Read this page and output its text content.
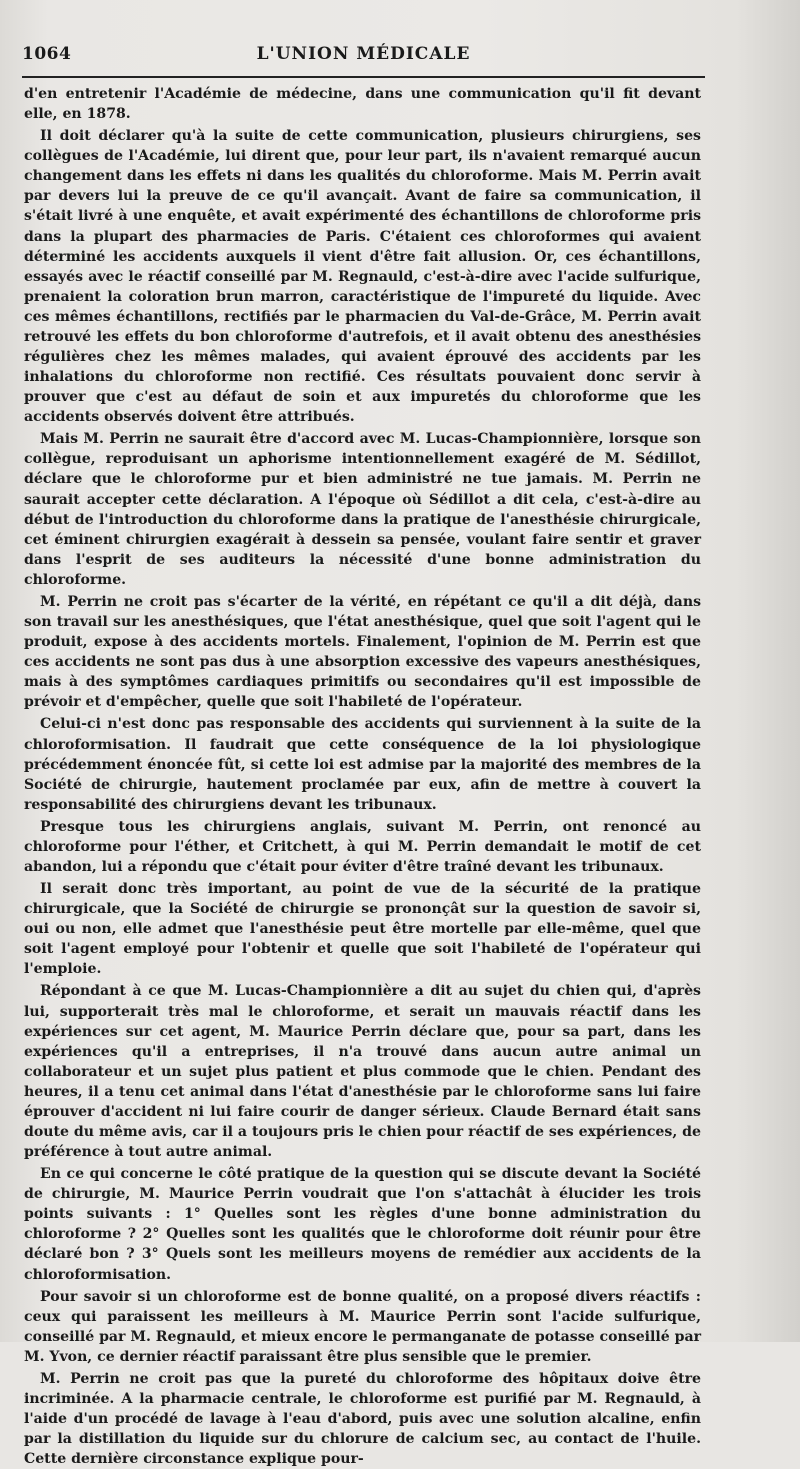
1064	L'UNION MÉDICALE

d'en entretenir l'Académie de médecine, dans une communication qu'il fit devant elle, en 1878.

Il doit déclarer qu'à la suite de cette communication, plusieurs chirurgiens, ses collègues de l'Académie, lui dirent que, pour leur part, ils n'avaient remarqué aucun changement dans les effets ni dans les qualités du chloroforme. Mais M. Perrin avait par devers lui la preuve de ce qu'il avançait. Avant de faire sa communication, il s'était livré à une enquête, et avait expérimenté des échantillons de chloroforme pris dans la plupart des pharmacies de Paris. C'étaient ces chloroformes qui avaient déterminé les accidents auxquels il vient d'être fait allusion. Or, ces échantillons, essayés avec le réactif conseillé par M. Regnauld, c'est-à-dire avec l'acide sulfurique, prenaient la coloration brun marron, caractéristique de l'impureté du liquide. Avec ces mêmes échantillons, rectifiés par le pharmacien du Val-de-Grâce, M. Perrin avait retrouvé les effets du bon chloroforme d'autrefois, et il avait obtenu des anesthésies régulières chez les mêmes malades, qui avaient éprouvé des accidents par les inhalations du chloroforme non rectifié. Ces résultats pouvaient donc servir à prouver que c'est au défaut de soin et aux impuretés du chloroforme que les accidents observés doivent être attribués.

Mais M. Perrin ne saurait être d'accord avec M. Lucas-Championnière, lorsque son collègue, reproduisant un aphorisme intentionnellement exagéré de M. Sédillot, déclare que le chloroforme pur et bien administré ne tue jamais. M. Perrin ne saurait accepter cette déclaration. A l'époque où Sédillot a dit cela, c'est-à-dire au début de l'introduction du chloroforme dans la pratique de l'anesthésie chirurgicale, cet éminent chirurgien exagérait à dessein sa pensée, voulant faire sentir et graver dans l'esprit de ses auditeurs la nécessité d'une bonne administration du chloroforme.

M. Perrin ne croit pas s'écarter de la vérité, en répétant ce qu'il a dit déjà, dans son travail sur les anesthésiques, que l'état anesthésique, quel que soit l'agent qui le produit, expose à des accidents mortels. Finalement, l'opinion de M. Perrin est que ces accidents ne sont pas dus à une absorption excessive des vapeurs anesthésiques, mais à des symptômes cardiaques primitifs ou secondaires qu'il est impossible de prévoir et d'empêcher, quelle que soit l'habileté de l'opérateur.

Celui-ci n'est donc pas responsable des accidents qui surviennent à la suite de la chloroformisation. Il faudrait que cette conséquence de la loi physiologique précédemment énoncée fût, si cette loi est admise par la majorité des membres de la Société de chirurgie, hautement proclamée par eux, afin de mettre à couvert la responsabilité des chirurgiens devant les tribunaux.

Presque tous les chirurgiens anglais, suivant M. Perrin, ont renoncé au chloroforme pour l'éther, et Critchett, à qui M. Perrin demandait le motif de cet abandon, lui a répondu que c'était pour éviter d'être traîné devant les tribunaux.

Il serait donc très important, au point de vue de la sécurité de la pratique chirurgicale, que la Société de chirurgie se prononçât sur la question de savoir si, oui ou non, elle admet que l'anesthésie peut être mortelle par elle-même, quel que soit l'agent employé pour l'obtenir et quelle que soit l'habileté de l'opérateur qui l'emploie.

Répondant à ce que M. Lucas-Championnière a dit au sujet du chien qui, d'après lui, supporterait très mal le chloroforme, et serait un mauvais réactif dans les expériences sur cet agent, M. Maurice Perrin déclare que, pour sa part, dans les expériences qu'il a entreprises, il n'a trouvé dans aucun autre animal un collaborateur et un sujet plus patient et plus commode que le chien. Pendant des heures, il a tenu cet animal dans l'état d'anesthésie par le chloroforme sans lui faire éprouver d'accident ni lui faire courir de danger sérieux. Claude Bernard était sans doute du même avis, car il a toujours pris le chien pour réactif de ses expériences, de préférence à tout autre animal.

En ce qui concerne le côté pratique de la question qui se discute devant la Société de chirurgie, M. Maurice Perrin voudrait que l'on s'attachât à élucider les trois points suivants : 1° Quelles sont les règles d'une bonne administration du chloroforme ? 2° Quelles sont les qualités que le chloroforme doit réunir pour être déclaré bon ? 3° Quels sont les meilleurs moyens de remédier aux accidents de la chloroformisation.

Pour savoir si un chloroforme est de bonne qualité, on a proposé divers réactifs : ceux qui paraissent les meilleurs à M. Maurice Perrin sont l'acide sulfurique, conseillé par M. Regnauld, et mieux encore le permanganate de potasse conseillé par M. Yvon, ce dernier réactif paraissant être plus sensible que le premier.

M. Perrin ne croit pas que la pureté du chloroforme des hôpitaux doive être incriminée. A la pharmacie centrale, le chloroforme est purifié par M. Regnauld, à l'aide d'un procédé de lavage à l'eau d'abord, puis avec une solution alcaline, enfin par la distillation du liquide sur du chlorure de calcium sec, au contact de l'huile. Cette dernière circonstance explique pour-
